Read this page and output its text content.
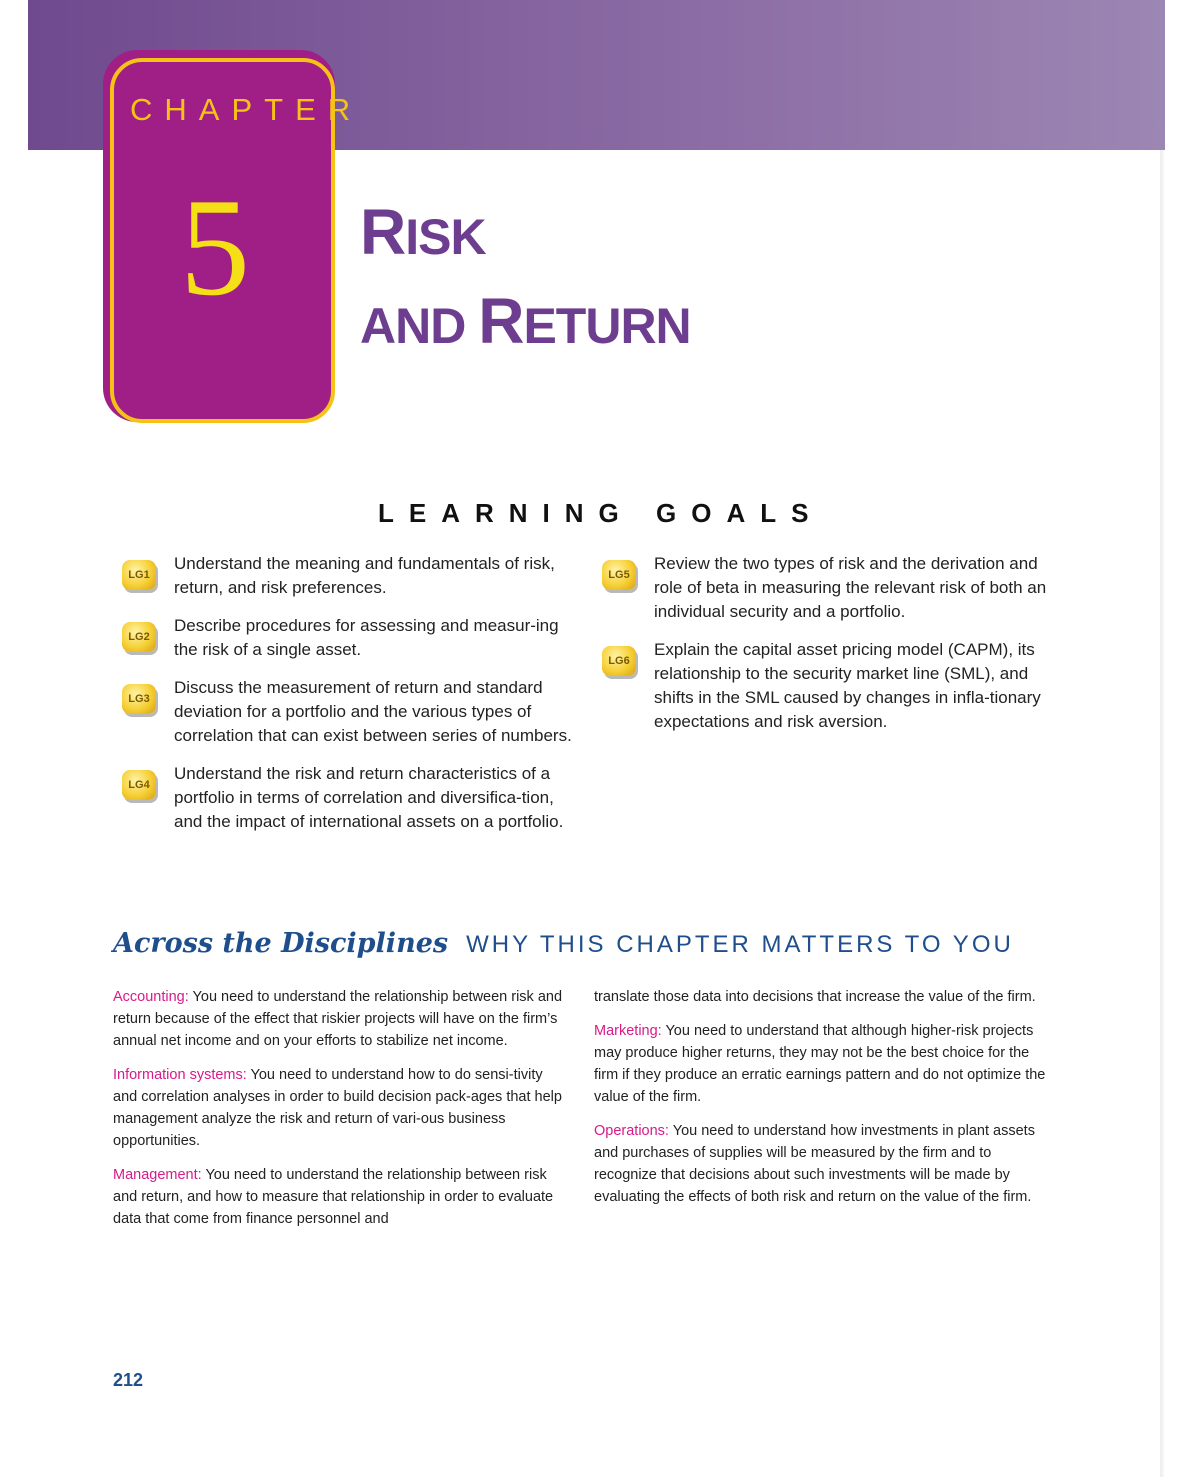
CHAPTER
5 RISK
AND RETURN
LEARNING GOALS
LG1
Understand the meaning and fundamentals of risk, return, and risk preferences.
LG2
Describe procedures for assessing and measur-ing the risk of a single asset.
LG3
Discuss the measurement of return and standard deviation for a portfolio and the various types of correlation that can exist between series of numbers.
LG4
Understand the risk and return characteristics of a portfolio in terms of correlation and diversifica-tion, and the impact of international assets on a portfolio.
LG5
Review the two types of risk and the derivation and role of beta in measuring the relevant risk of both an individual security and a portfolio.
LG6
Explain the capital asset pricing model (CAPM), its relationship to the security market line (SML), and shifts in the SML caused by changes in infla-tionary expectations and risk aversion.
Across the Disciplines WHY THIS CHAPTER MATTERS TO YOU

Accounting: You need to understand the relationship between risk and return because of the effect that riskier projects will have on the firm’s annual net income and on your efforts to stabilize net income.

Information systems: You need to understand how to do sensi-tivity and correlation analyses in order to build decision pack-ages that help management analyze the risk and return of vari-ous business opportunities.

Management: You need to understand the relationship between risk and return, and how to measure that relationship in order to evaluate data that come from finance personnel and

translate those data into decisions that increase the value of the firm.

Marketing: You need to understand that although higher-risk projects may produce higher returns, they may not be the best choice for the firm if they produce an erratic earnings pattern and do not optimize the value of the firm.

Operations: You need to understand how investments in plant assets and purchases of supplies will be measured by the firm and to recognize that decisions about such investments will be made by evaluating the effects of both risk and return on the value of the firm.

212
